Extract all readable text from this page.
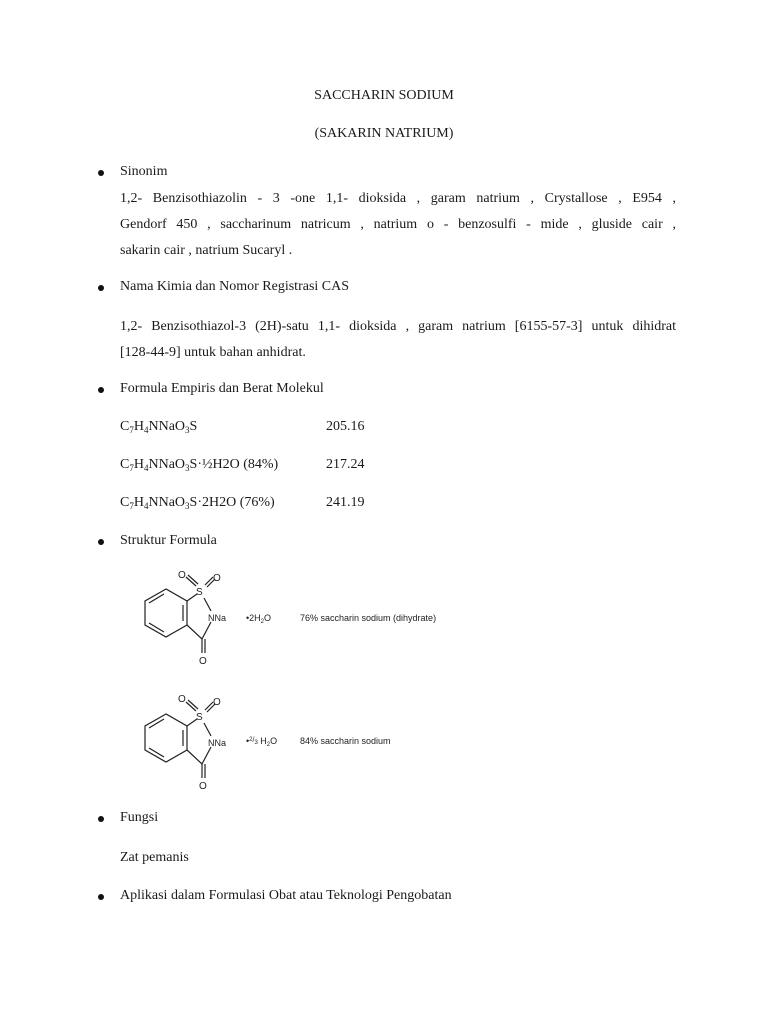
SACCHARIN SODIUM
(SAKARIN NATRIUM)
Sinonim
1,2- Benzisothiazolin - 3 -one 1,1- dioksida , garam natrium , Crystallose , E954 ,
Gendorf 450 , saccharinum natricum , natrium o - benzosulfi - mide , gluside cair ,
sakarin cair , natrium Sucaryl .
Nama Kimia dan Nomor Registrasi CAS
1,2- Benzisothiazol-3 (2H)-satu 1,1- dioksida , garam natrium [6155-57-3] untuk dihidrat
[128-44-9] untuk bahan anhidrat.
Formula Empiris dan Berat Molekul
$C_7H_4NNaO_3S$	205.16
$C_7H_4NNaO_3S\cdot\frac{1}{2}H2O$ (84%)	217.24
$C_7H_4NNaO_3S\cdot 2H2O$ (76%)	241.19
Struktur Formula
O	O
S
NNa
O
$•2H_2O$	76% saccharin sodium (dihydrate)
O	O
S
NNa
O
$•^2/_3$ $H_2O$	84% saccharin sodium
Fungsi
Zat pemanis
Aplikasi dalam Formulasi Obat atau Teknologi Pengobatan
